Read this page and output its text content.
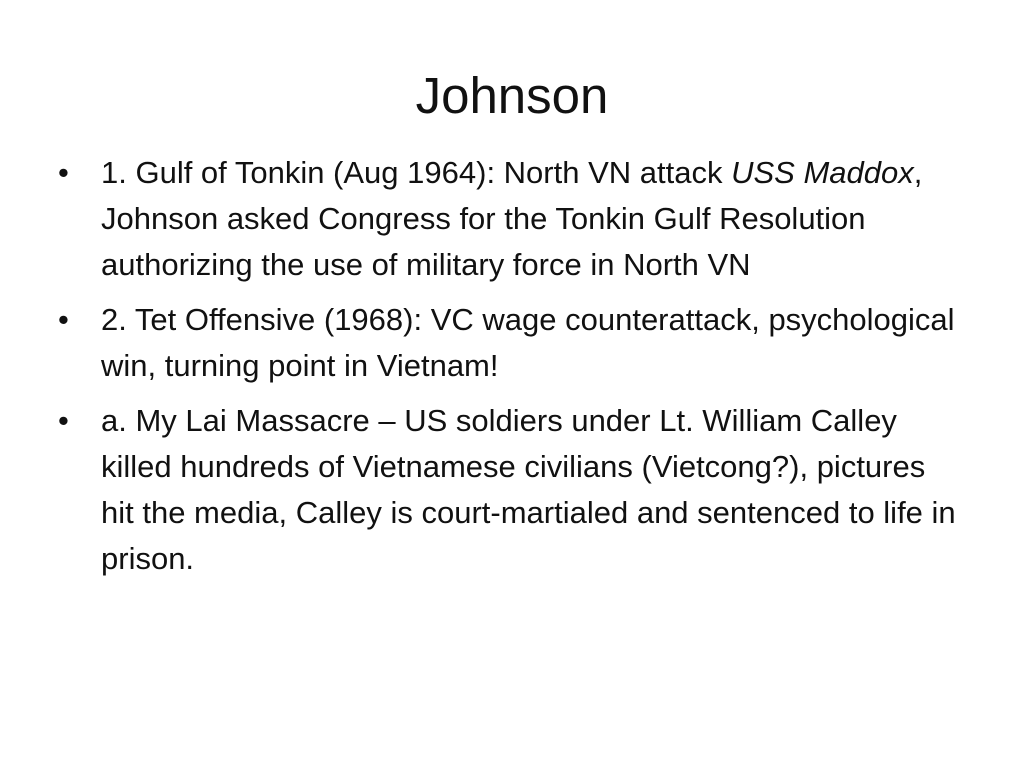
Johnson
• 1. Gulf of Tonkin (Aug 1964): North VN attack USS Maddox, Johnson asked Congress for the Tonkin Gulf Resolution authorizing the use of military force in North VN
• 2. Tet Offensive (1968): VC wage counterattack, psychological win, turning point in Vietnam!
• a. My Lai Massacre – US soldiers under Lt. William Calley killed hundreds of Vietnamese civilians (Vietcong?), pictures hit the media, Calley is court-martialed and sentenced to life in prison.
